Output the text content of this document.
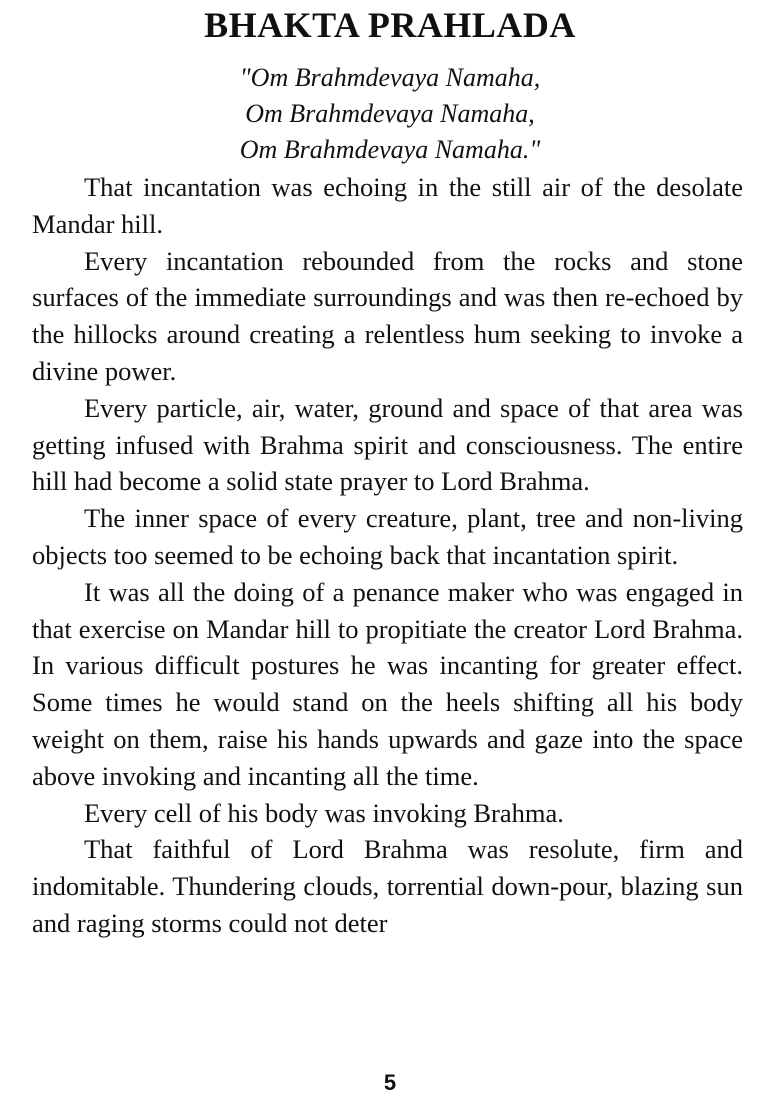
BHAKTA PRAHLADA
"Om Brahmdevaya Namaha,
Om Brahmdevaya Namaha,
Om Brahmdevaya Namaha."

That incantation was echoing in the still air of the desolate Mandar hill.

Every incantation rebounded from the rocks and stone surfaces of the immediate surroundings and was then re-echoed by the hillocks around creating a relentless hum seeking to invoke a divine power.

Every particle, air, water, ground and space of that area was getting infused with Brahma spirit and consciousness. The entire hill had become a solid state prayer to Lord Brahma.

The inner space of every creature, plant, tree and non-living objects too seemed to be echoing back that incantation spirit.

It was all the doing of a penance maker who was engaged in that exercise on Mandar hill to propitiate the creator Lord Brahma. In various difficult postures he was incanting for greater effect. Some times he would stand on the heels shifting all his body weight on them, raise his hands upwards and gaze into the space above invoking and incanting all the time.

Every cell of his body was invoking Brahma.

That faithful of Lord Brahma was resolute, firm and indomitable. Thundering clouds, torrential down-pour, blazing sun and raging storms could not deter

5
